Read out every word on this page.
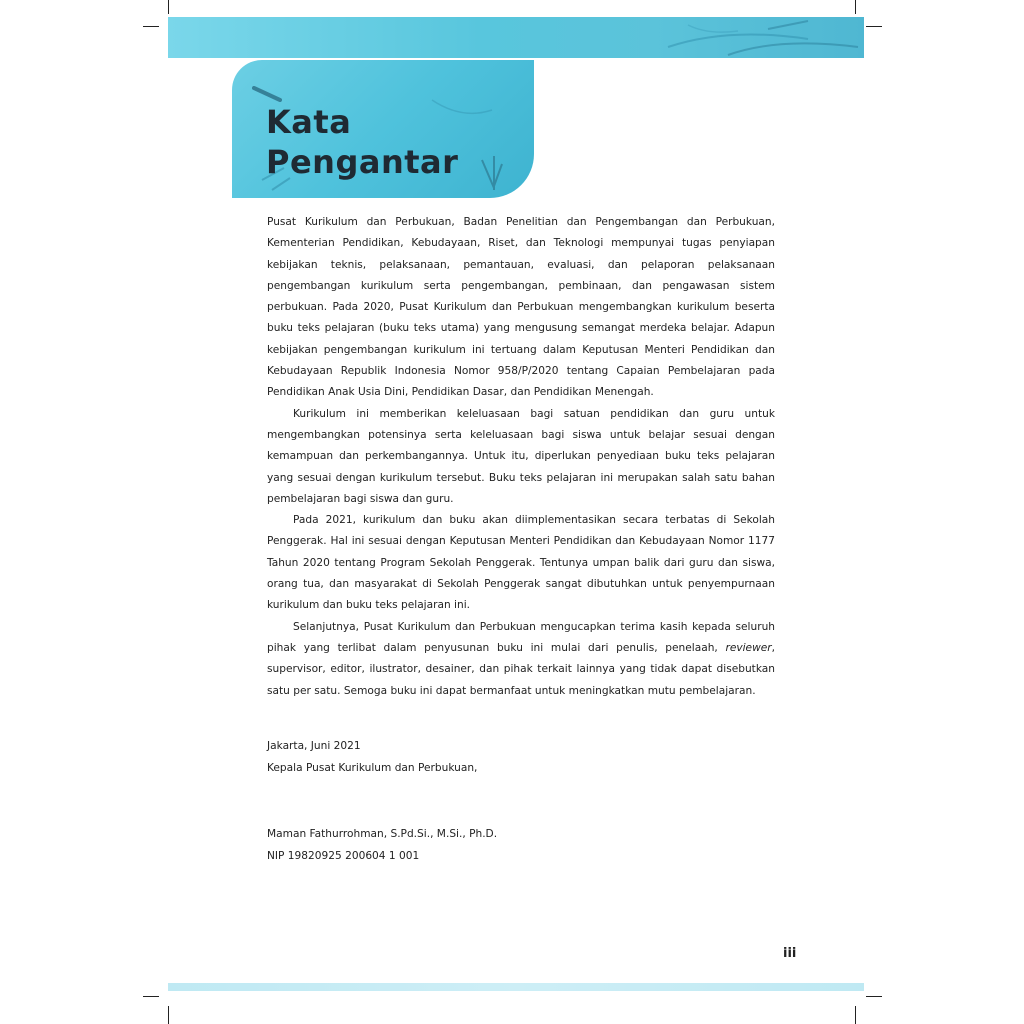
Kata
Pengantar

Pusat Kurikulum dan Perbukuan, Badan Penelitian dan Pengembangan dan Perbukuan, Kementerian Pendidikan, Kebudayaan, Riset, dan Teknologi mempunyai tugas penyiapan kebijakan teknis, pelaksanaan, pemantauan, evaluasi, dan pelaporan pelaksanaan pengembangan kurikulum serta pengembangan, pembinaan, dan pengawasan sistem perbukuan. Pada 2020, Pusat Kurikulum dan Perbukuan mengembangkan kurikulum beserta buku teks pelajaran (buku teks utama) yang mengusung semangat merdeka belajar. Adapun kebijakan pengembangan kurikulum ini tertuang dalam Keputusan Menteri Pendidikan dan Kebudayaan Republik Indonesia Nomor 958/P/2020 tentang Capaian Pembelajaran pada Pendidikan Anak Usia Dini, Pendidikan Dasar, dan Pendidikan Menengah.

Kurikulum ini memberikan keleluasaan bagi satuan pendidikan dan guru untuk mengembangkan potensinya serta keleluasaan bagi siswa untuk belajar sesuai dengan kemampuan dan perkembangannya. Untuk itu, diperlukan penyediaan buku teks pelajaran yang sesuai dengan kurikulum tersebut. Buku teks pelajaran ini merupakan salah satu bahan pembelajaran bagi siswa dan guru.

Pada 2021, kurikulum dan buku akan diimplementasikan secara terbatas di Sekolah Penggerak. Hal ini sesuai dengan Keputusan Menteri Pendidikan dan Kebudayaan Nomor 1177 Tahun 2020 tentang Program Sekolah Penggerak. Tentunya umpan balik dari guru dan siswa, orang tua, dan masyarakat di Sekolah Penggerak sangat dibutuhkan untuk penyempurnaan kurikulum dan buku teks pelajaran ini.

Selanjutnya, Pusat Kurikulum dan Perbukuan mengucapkan terima kasih kepada seluruh pihak yang terlibat dalam penyusunan buku ini mulai dari penulis, penelaah, reviewer, supervisor, editor, ilustrator, desainer, dan pihak terkait lainnya yang tidak dapat disebutkan satu per satu. Semoga buku ini dapat bermanfaat untuk meningkatkan mutu pembelajaran.

Jakarta, Juni 2021
Kepala Pusat Kurikulum dan Perbukuan,
Maman Fathurrohman, S.Pd.Si., M.Si., Ph.D.
NIP 19820925 200604 1 001
iii
